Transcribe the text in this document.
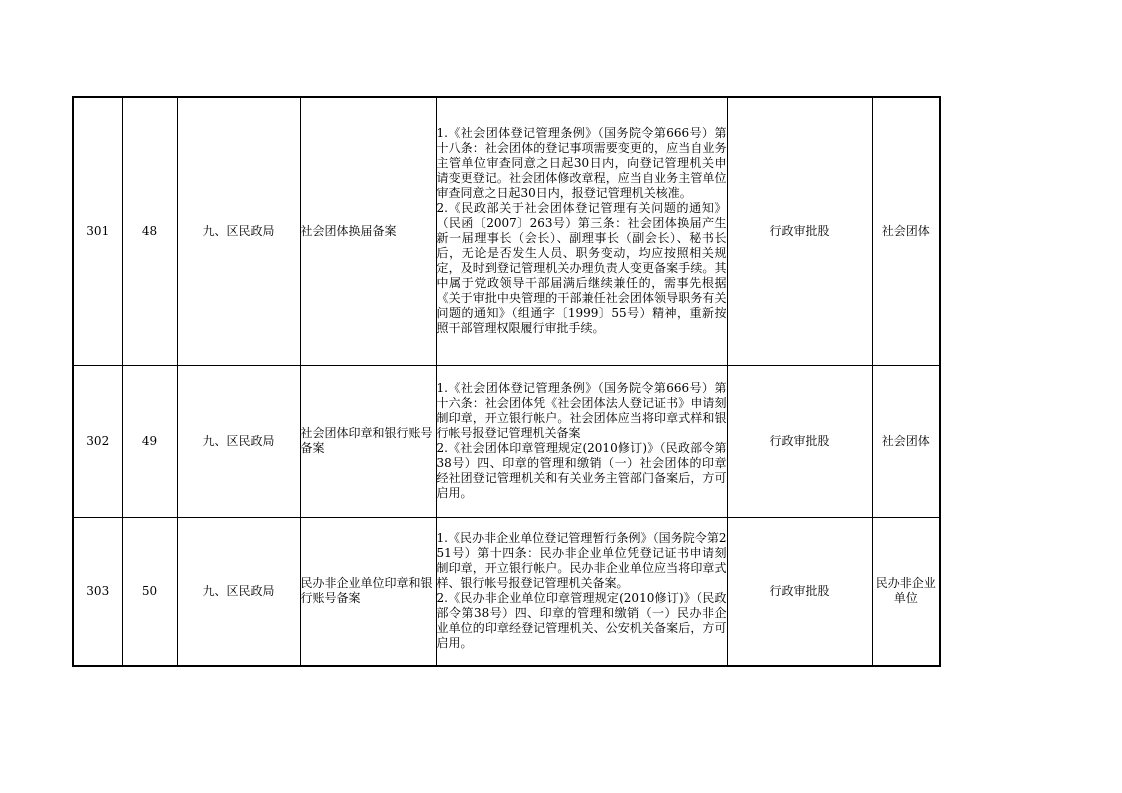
301	48	九、区民政局	社会团体换届备案	1.《社会团体登记管理条例》（国务院令第666号）第十八条：社会团体的登记事项需要变更的，应当自业务主管单位审查同意之日起30日内，向登记管理机关申请变更登记。社会团体修改章程，应当自业务主管单位审查同意之日起30日内，报登记管理机关核准。
2.《民政部关于社会团体登记管理有关问题的通知》（民函〔2007〕263号）第三条：社会团体换届产生新一届理事长（会长）、副理事长（副会长）、秘书长后，无论是否发生人员、职务变动，均应按照相关规定，及时到登记管理机关办理负责人变更备案手续。其中属于党政领导干部届满后继续兼任的，需事先根据《关于审批中央管理的干部兼任社会团体领导职务有关问题的通知》（组通字〔1999〕55号）精神，重新按照干部管理权限履行审批手续。	行政审批股	社会团体
302	49	九、区民政局	社会团体印章和银行账号备案	1.《社会团体登记管理条例》（国务院令第666号）第十六条：社会团体凭《社会团体法人登记证书》申请刻制印章，开立银行帐户。社会团体应当将印章式样和银行帐号报登记管理机关备案
2.《社会团体印章管理规定(2010修订)》（民政部令第38号）四、印章的管理和缴销（一）社会团体的印章经社团登记管理机关和有关业务主管部门备案后，方可启用。	行政审批股	社会团体
303	50	九、区民政局	民办非企业单位印章和银行账号备案	1.《民办非企业单位登记管理暂行条例》（国务院令第251号）第十四条：民办非企业单位凭登记证书申请刻制印章，开立银行帐户。民办非企业单位应当将印章式样、银行帐号报登记管理机关备案。
2.《民办非企业单位印章管理规定(2010修订)》（民政部令第38号）四、印章的管理和缴销（一）民办非企业单位的印章经登记管理机关、公安机关备案后，方可启用。	行政审批股	民办非企业单位
